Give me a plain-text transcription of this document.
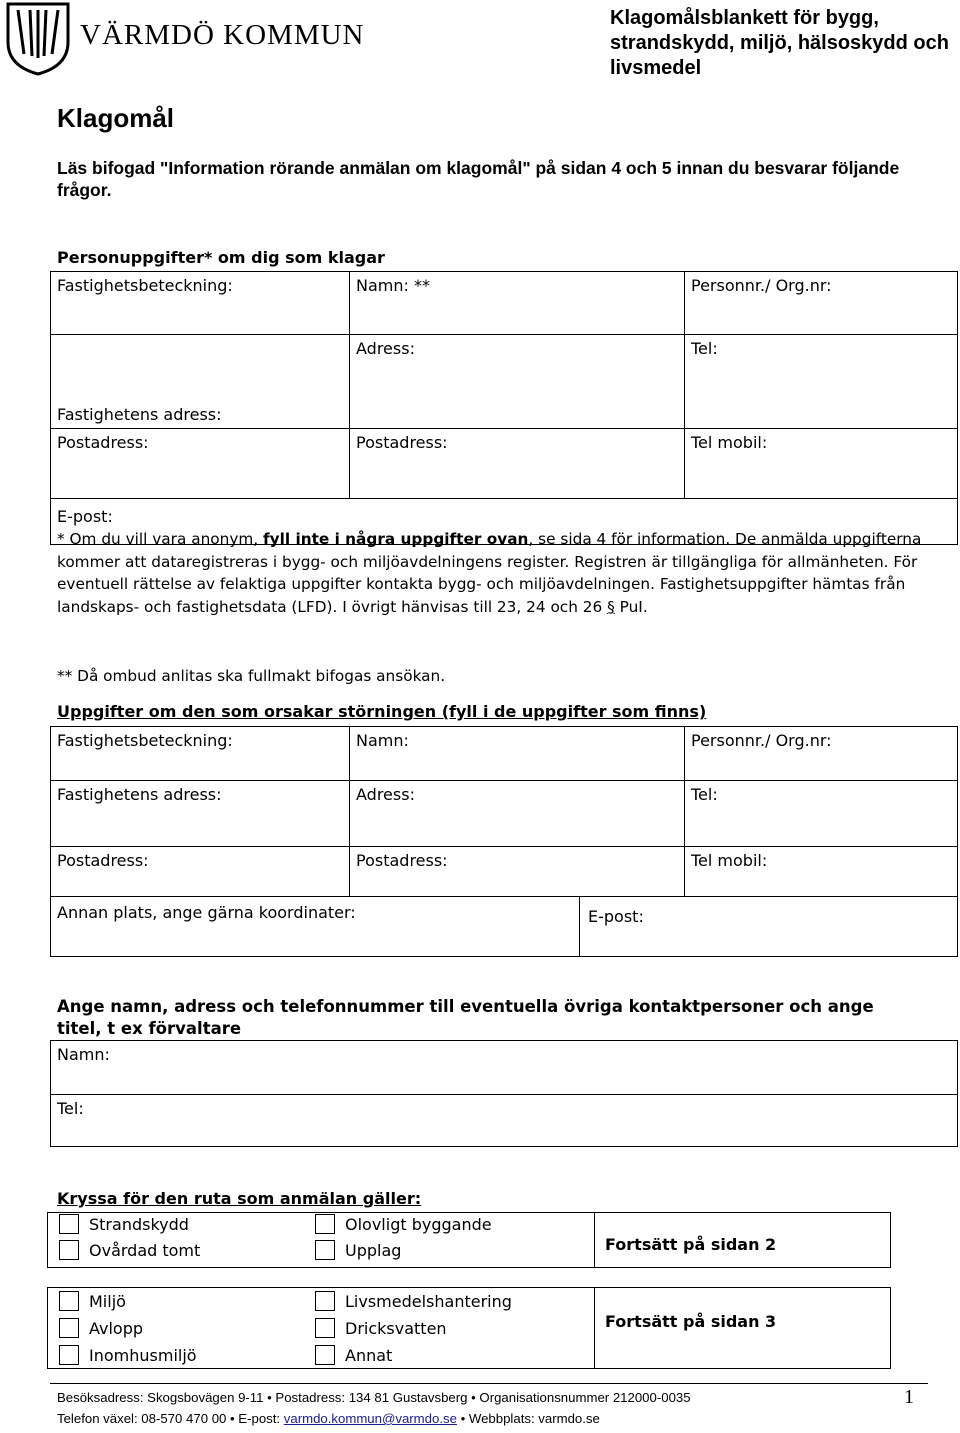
VÄRMDÖ KOMMUN
Klagomålsblankett för bygg, strandskydd, miljö, hälsoskydd och livsmedel
Klagomål
Läs bifogad "Information rörande anmälan om klagomål" på sidan 4 och 5 innan du besvarar följande frågor.
Personuppgifter* om dig som klagar
Fastighetsbeteckning:	Namn: **	Personnr./ Org.nr:
Fastighetens adress:	Adress:	Tel:
Postadress:	Postadress:	Tel mobil:
E-post:		
* Om du vill vara anonym, fyll inte i några uppgifter ovan, se sida 4 för information. De anmälda uppgifterna kommer att dataregistreras i bygg- och miljöavdelningens register. Registren är tillgängliga för allmänheten. För eventuell rättelse av felaktiga uppgifter kontakta bygg- och miljöavdelningen. Fastighetsuppgifter hämtas från landskaps- och fastighetsdata (LFD). I övrigt hänvisas till 23, 24 och 26 § PuI.
** Då ombud anlitas ska fullmakt bifogas ansökan.
Uppgifter om den som orsakar störningen (fyll i de uppgifter som finns)
Fastighetsbeteckning:	Namn:	Personnr./ Org.nr:
Fastighetens adress:	Adress:	Tel:
Postadress:	Postadress:	Tel mobil:
Annan plats, ange gärna koordinater:	E-post:
Ange namn, adress och telefonnummer till eventuella övriga kontaktpersoner och ange titel, t ex förvaltare
Namn:
Tel:
Kryssa för den ruta som anmälan gäller:
Strandskydd
Ovårdad tomt
Olovligt byggande
Upplag	Fortsätt på sidan 2
Miljö
Avlopp
Inomhusmiljö
Livsmedelshantering
Dricksvatten
Annat
Fortsätt på sidan 3
Besöksadress: Skogsbovägen 9-11 • Postadress: 134 81 Gustavsberg • Organisationsnummer 212000-0035
Telefon växel: 08-570 470 00 • E-post: varmdo.kommun@varmdo.se • Webbplats: varmdo.se
1
